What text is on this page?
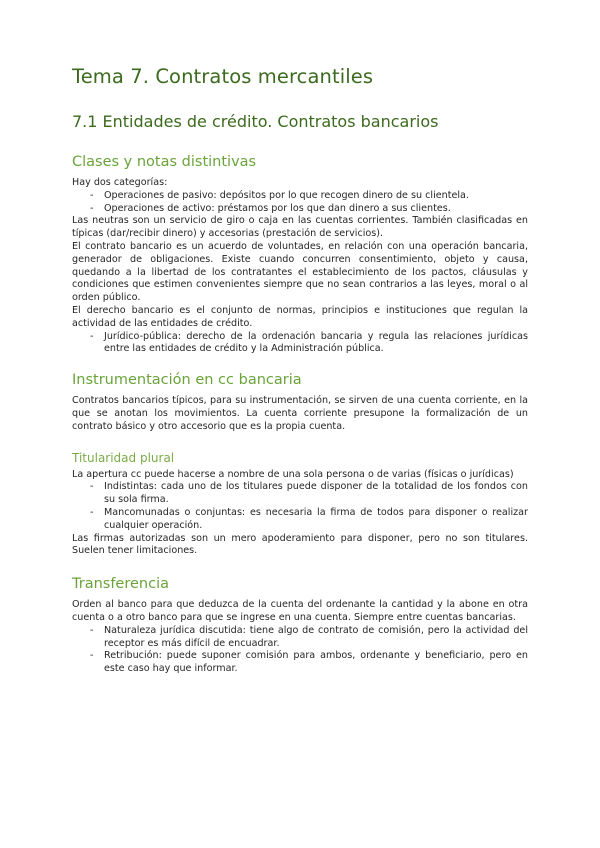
Tema 7. Contratos mercantiles
7.1 Entidades de crédito. Contratos bancarios
Clases y notas distintivas

Hay dos categorías:

- Operaciones de pasivo: depósitos por lo que recogen dinero de su clientela.
- Operaciones de activo: préstamos por los que dan dinero a sus clientes.

Las neutras son un servicio de giro o caja en las cuentas corrientes. También clasificadas en típicas (dar/recibir dinero) y accesorias (prestación de servicios).

El contrato bancario es un acuerdo de voluntades, en relación con una operación bancaria, generador de obligaciones. Existe cuando concurren consentimiento, objeto y causa, quedando a la libertad de los contratantes el establecimiento de los pactos, cláusulas y condiciones que estimen convenientes siempre que no sean contrarios a las leyes, moral o al orden público.

El derecho bancario es el conjunto de normas, principios e instituciones que regulan la actividad de las entidades de crédito.

- Jurídico-pública: derecho de la ordenación bancaria y regula las relaciones jurídicas entre las entidades de crédito y la Administración pública.
Instrumentación en cc bancaria

Contratos bancarios típicos, para su instrumentación, se sirven de una cuenta corriente, en la que se anotan los movimientos. La cuenta corriente presupone la formalización de un contrato básico y otro accesorio que es la propia cuenta.

Titularidad plural

La apertura cc puede hacerse a nombre de una sola persona o de varias (físicas o jurídicas)

- Indistintas: cada uno de los titulares puede disponer de la totalidad de los fondos con su sola firma.
- Mancomunadas o conjuntas: es necesaria la firma de todos para disponer o realizar cualquier operación.

Las firmas autorizadas son un mero apoderamiento para disponer, pero no son titulares. Suelen tener limitaciones.

Transferencia

Orden al banco para que deduzca de la cuenta del ordenante la cantidad y la abone en otra cuenta o a otro banco para que se ingrese en una cuenta. Siempre entre cuentas bancarias.

- Naturaleza jurídica discutida: tiene algo de contrato de comisión, pero la actividad del receptor es más difícil de encuadrar.
- Retribución: puede suponer comisión para ambos, ordenante y beneficiario, pero en este caso hay que informar.
